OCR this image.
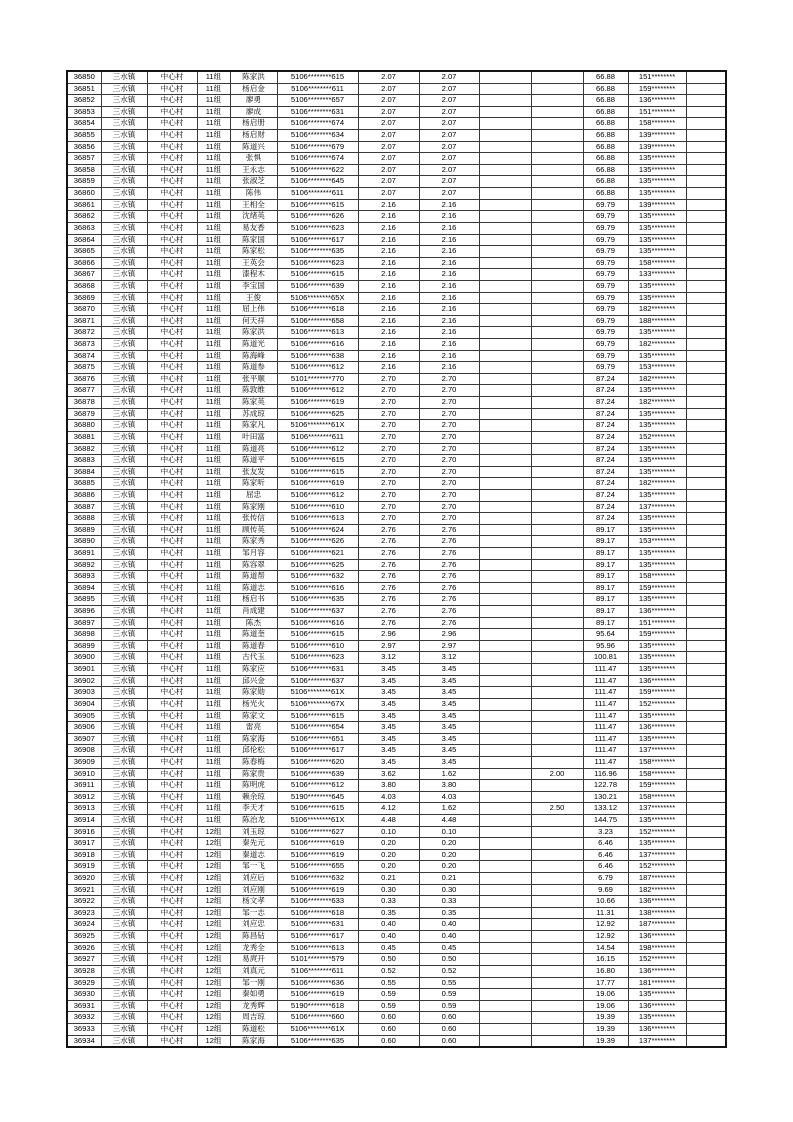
36850	三水镇	中心村	11组	陈家洪	5106********615	2.07	2.07			66.88	151********	
36851	三水镇	中心村	11组	杨启金	5106********611	2.07	2.07			66.88	159********	
36852	三水镇	中心村	11组	廖勇	5106********657	2.07	2.07			66.88	136********	
36853	三水镇	中心村	11组	廖成	5106********631	2.07	2.07			66.88	151********	
36854	三水镇	中心村	11组	杨启册	5106********674	2.07	2.07			66.88	158********	
36855	三水镇	中心村	11组	杨启财	5106********634	2.07	2.07			66.88	139********	
36856	三水镇	中心村	11组	陈道兴	5106********679	2.07	2.07			66.88	139********	
36857	三水镇	中心村	11组	张惧	5106********674	2.07	2.07			66.88	135********	
36858	三水镇	中心村	11组	王永志	5106********622	2.07	2.07			66.88	135********	
36859	三水镇	中心村	11组	张淑芝	5106********645	2.07	2.07			66.88	135********	
36860	三水镇	中心村	11组	陈伟	5106********611	2.07	2.07			66.88	135********	
36861	三水镇	中心村	11组	王相全	5106********615	2.16	2.16			69.79	139********	
36862	三水镇	中心村	11组	沈绪英	5106********626	2.16	2.16			69.79	135********	
36863	三水镇	中心村	11组	易友香	5106********623	2.16	2.16			69.79	135********	
36864	三水镇	中心村	11组	陈家国	5106********617	2.16	2.16			69.79	135********	
36865	三水镇	中心村	11组	陈家松	5106********635	2.16	2.16			69.79	135********	
36866	三水镇	中心村	11组	王英会	5106********623	2.16	2.16			69.79	158********	
36867	三水镇	中心村	11组	漆程木	5106********615	2.16	2.16			69.79	133********	
36868	三水镇	中心村	11组	李宝国	5106********639	2.16	2.16			69.79	135********	
36869	三水镇	中心村	11组	王俊	5106********65X	2.16	2.16			69.79	135********	
36870	三水镇	中心村	11组	屈上伟	5106********618	2.16	2.16			69.79	182********	
36871	三水镇	中心村	11组	何天祥	5106********658	2.16	2.16			69.79	188********	
36872	三水镇	中心村	11组	陈家洪	5106********613	2.16	2.16			69.79	135********	
36873	三水镇	中心村	11组	陈道光	5106********616	2.16	2.16			69.79	182********	
36874	三水镇	中心村	11组	陈海峰	5106********638	2.16	2.16			69.79	135********	
36875	三水镇	中心村	11组	陈道参	5106********612	2.16	2.16			69.79	153********	
36876	三水镇	中心村	11组	张平顺	5101********770	2.70	2.70			87.24	182********	
36877	三水镇	中心村	11组	陈敦维	5106********612	2.70	2.70			87.24	135********	
36878	三水镇	中心村	11组	陈家英	5106********619	2.70	2.70			87.24	182********	
36879	三水镇	中心村	11组	苏成琼	5106********625	2.70	2.70			87.24	135********	
36880	三水镇	中心村	11组	陈家凡	5106********61X	2.70	2.70			87.24	135********	
36881	三水镇	中心村	11组	叶田富	5106********611	2.70	2.70			87.24	152********	
36882	三水镇	中心村	11组	陈道亮	5106********612	2.70	2.70			87.24	135********	
36883	三水镇	中心村	11组	陈道平	5106********615	2.70	2.70			87.24	135********	
36884	三水镇	中心村	11组	张友发	5106********615	2.70	2.70			87.24	135********	
36885	三水镇	中心村	11组	陈家听	5106********619	2.70	2.70			87.24	182********	
36886	三水镇	中心村	11组	屈忠	5106********612	2.70	2.70			87.24	135********	
36887	三水镇	中心村	11组	陈家刚	5106********610	2.70	2.70			87.24	137********	
36888	三水镇	中心村	11组	张传信	5106********613	2.70	2.70			87.24	135********	
36889	三水镇	中心村	11组	顾传英	5106********624	2.76	2.76			89.17	135********	
36890	三水镇	中心村	11组	陈家秀	5106********626	2.76	2.76			89.17	153********	
36891	三水镇	中心村	11组	邹月容	5106********621	2.76	2.76			89.17	135********	
36892	三水镇	中心村	11组	陈容翠	5106********625	2.76	2.76			89.17	135********	
36893	三水镇	中心村	11组	陈道帮	5106********632	2.76	2.76			89.17	158********	
36894	三水镇	中心村	11组	陈道志	5106********616	2.76	2.76			89.17	159********	
36895	三水镇	中心村	11组	杨启书	5106********635	2.76	2.76			89.17	135********	
36896	三水镇	中心村	11组	肖成建	5106********637	2.76	2.76			89.17	136********	
36897	三水镇	中心村	11组	陈杰	5106********616	2.76	2.76			89.17	151********	
36898	三水镇	中心村	11组	陈道奎	5106********615	2.96	2.96			95.64	159********	
36899	三水镇	中心村	11组	陈道春	5106********610	2.97	2.97			95.96	135********	
36900	三水镇	中心村	11组	古代玉	5106********623	3.12	3.12			100.81	135********	
36901	三水镇	中心村	11组	陈家应	5106********631	3.45	3.45			111.47	135********	
36902	三水镇	中心村	11组	邱兴金	5106********637	3.45	3.45			111.47	136********	
36903	三水镇	中心村	11组	陈家勋	5106********61X	3.45	3.45			111.47	159********	
36904	三水镇	中心村	11组	杨光火	5106********67X	3.45	3.45			111.47	152********	
36905	三水镇	中心村	11组	陈家文	5106********615	3.45	3.45			111.47	135********	
36906	三水镇	中心村	11组	雷亮	5106********654	3.45	3.45			111.47	136********	
36907	三水镇	中心村	11组	陈家海	5106********651	3.45	3.45			111.47	135********	
36908	三水镇	中心村	11组	邱伦松	5106********617	3.45	3.45			111.47	137********	
36909	三水镇	中心村	11组	陈春梅	5106********620	3.45	3.45			111.47	158********	
36910	三水镇	中心村	11组	陈家贵	5106********639	3.62	1.62		2.00	116.96	158********	
36911	三水镇	中心村	11组	陈明虎	5106********612	3.80	3.80			122.78	159********	
36912	三水镇	中心村	11组	赖余琼	5190********645	4.03	4.03			130.21	158********	
36913	三水镇	中心村	11组	李天才	5106********615	4.12	1.62		2.50	133.12	137********	
36914	三水镇	中心村	11组	陈治龙	5106********61X	4.48	4.48			144.75	135********	
36916	三水镇	中心村	12组	刘玉琼	5106********627	0.10	0.10			3.23	152********	
36917	三水镇	中心村	12组	秦先元	5106********619	0.20	0.20			6.46	135********	
36918	三水镇	中心村	12组	秦道志	5106********619	0.20	0.20			6.46	137********	
36919	三水镇	中心村	12组	邹一飞	5106********655	0.20	0.20			6.46	152********	
36920	三水镇	中心村	12组	刘应后	5106********632	0.21	0.21			6.79	187********	
36921	三水镇	中心村	12组	刘应刚	5106********619	0.30	0.30			9.69	182********	
36922	三水镇	中心村	12组	杨文孝	5106********633	0.33	0.33			10.66	136********	
36923	三水镇	中心村	12组	邹一志	5106********618	0.35	0.35			11.31	138********	
36924	三水镇	中心村	12组	刘应忠	5106********631	0.40	0.40			12.92	187********	
36925	三水镇	中心村	12组	陈昌钻	5106********617	0.40	0.40			12.92	136********	
36926	三水镇	中心村	12组	龙秀全	5106********613	0.45	0.45			14.54	198********	
36927	三水镇	中心村	12组	易庹开	5101********579	0.50	0.50			16.15	152********	
36928	三水镇	中心村	12组	刘真元	5106********611	0.52	0.52			16.80	136********	
36929	三水镇	中心村	12组	邹一刚	5106********636	0.55	0.55			17.77	181********	
36930	三水镇	中心村	12组	秦如勇	5106********619	0.59	0.59			19.06	135********	
36931	三水镇	中心村	12组	龙秀辉	5190********618	0.59	0.59			19.06	136********	
36932	三水镇	中心村	12组	周吉琼	5106********660	0.60	0.60			19.39	135********	
36933	三水镇	中心村	12组	陈道松	5106********61X	0.60	0.60			19.39	136********	
36934	三水镇	中心村	12组	陈家海	5106********635	0.60	0.60			19.39	137********	
